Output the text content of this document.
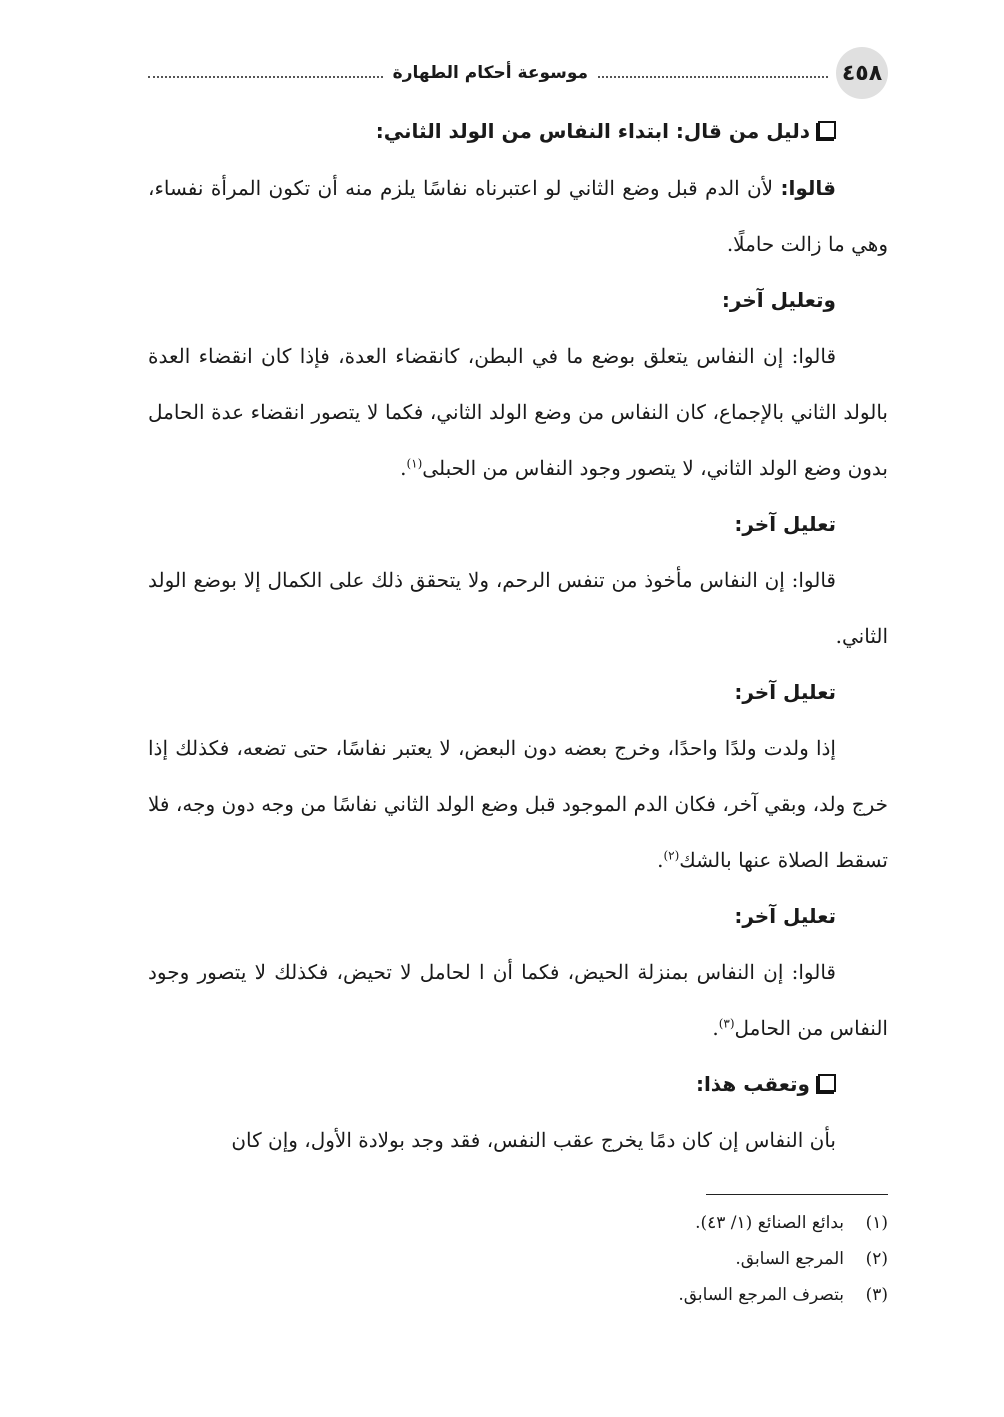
٤٥٨
موسوعة أحكام الطهارة
دليل من قال: ابتداء النفاس من الولد الثاني:

قالوا: لأن الدم قبل وضع الثاني لو اعتبرناه نفاسًا يلزم منه أن تكون المرأة نفساء، وهي ما زالت حاملًا.

وتعليل آخر:

قالوا: إن النفاس يتعلق بوضع ما في البطن، كانقضاء العدة، فإذا كان انقضاء العدة بالولد الثاني بالإجماع، كان النفاس من وضع الولد الثاني، فكما لا يتصور انقضاء عدة الحامل بدون وضع الولد الثاني، لا يتصور وجود النفاس من الحبلى$^{(١)}$.

تعليل آخر:

قالوا: إن النفاس مأخوذ من تنفس الرحم، ولا يتحقق ذلك على الكمال إلا بوضع الولد الثاني.

تعليل آخر:

إذا ولدت ولدًا واحدًا، وخرج بعضه دون البعض، لا يعتبر نفاسًا، حتى تضعه، فكذلك إذا خرج ولد، وبقي آخر، فكان الدم الموجود قبل وضع الولد الثاني نفاسًا من وجه دون وجه، فلا تسقط الصلاة عنها بالشك$^{(٢)}$.

تعليل آخر:

قالوا: إن النفاس بمنزلة الحيض، فكما أن ا لحامل لا تحيض، فكذلك لا يتصور وجود النفاس من الحامل$^{(٣)}$.

وتعقب هذا:

بأن النفاس إن كان دمًا يخرج عقب النفس، فقد وجد بولادة الأول، وإن كان

(١)بدائع الصنائع (١/ ٤٣).
(٢)المرجع السابق.
(٣)بتصرف المرجع السابق.
